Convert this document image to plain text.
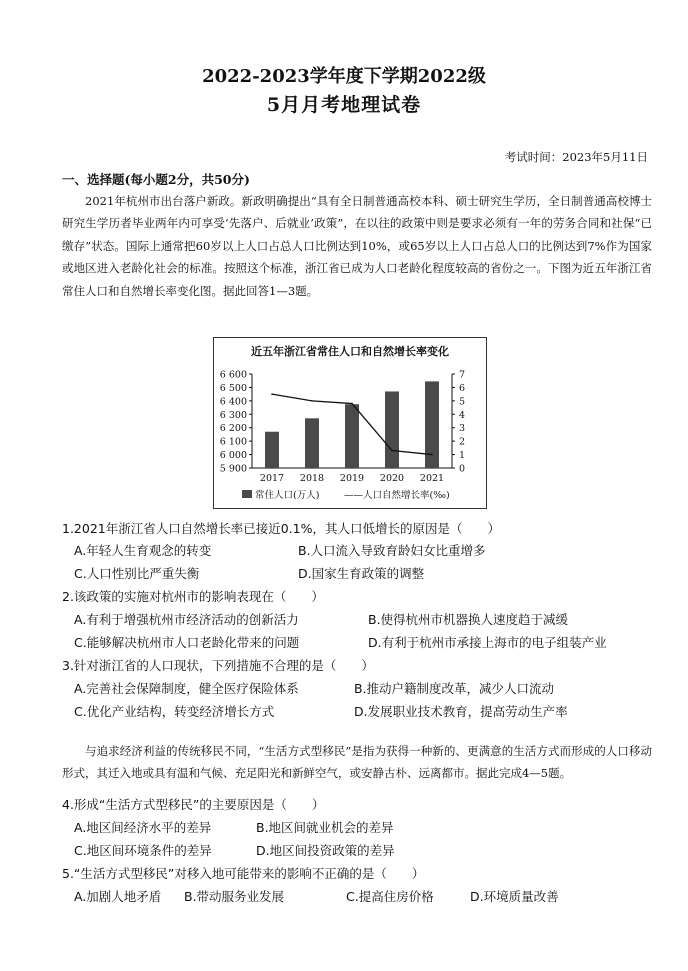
2022-2023学年度下学期2022级
5月月考地理试卷
考试时间：2023年5月11日
一、选择题(每小题2分，共50分)

2021年杭州市出台落户新政。新政明确提出“具有全日制普通高校本科、硕士研究生学历，全日制普通高校博士研究生学历者毕业两年内可享受‘先落户、后就业’政策”，在以往的政策中则是要求必须有一年的劳务合同和社保“已缴存”状态。国际上通常把60岁以上人口占总人口比例达到10%，或65岁以上人口占总人口的比例达到7%作为国家或地区进入老龄化社会的标准。按照这个标准，浙江省已成为人口老龄化程度较高的省份之一。下图为近五年浙江省常住人口和自然增长率变化图。据此回答1—3题。

近五年浙江省常住人口和自然增长率变化
5 900
6 000
6 100
6 200
6 300
6 400
6 500
6 600
0
1
2
3
4
5
6
7
2017 2018 2019 2020 2021
常住人口(万人)	——人口自然增长率(‰)
1.2021年浙江省人口自然增长率已接近0.1%，其人口低增长的原因是（　　）
A.年轻人生育观念的转变	B.人口流入导致育龄妇女比重增多
C.人口性别比严重失衡	D.国家生育政策的调整
2.该政策的实施对杭州市的影响表现在（　　）
A.有利于增强杭州市经济活动的创新活力	B.使得杭州市机器换人速度趋于减缓
C.能够解决杭州市人口老龄化带来的问题	D.有利于杭州市承接上海市的电子组装产业
3.针对浙江省的人口现状，下列措施不合理的是（　　）
A.完善社会保障制度，健全医疗保险体系	B.推动户籍制度改革，减少人口流动
C.优化产业结构，转变经济增长方式	D.发展职业技术教育，提高劳动生产率

与追求经济利益的传统移民不同，“生活方式型移民”是指为获得一种新的、更满意的生活方式而形成的人口移动形式，其迁入地或具有温和气候、充足阳光和新鲜空气，或安静古朴、远离都市。据此完成4—5题。

4.形成“生活方式型移民”的主要原因是（　　）
A.地区间经济水平的差异	B.地区间就业机会的差异
C.地区间环境条件的差异	D.地区间投资政策的差异
5.“生活方式型移民”对移入地可能带来的影响不正确的是（　　）
A.加剧人地矛盾 B.带动服务业发展	C.提高住房价格	D.环境质量改善
